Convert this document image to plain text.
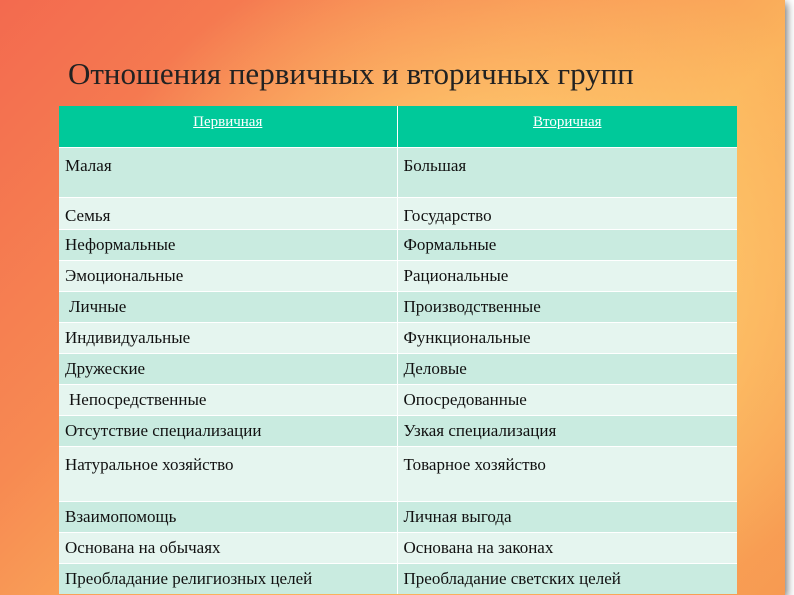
Отношения первичных и вторичных групп
Первичная	Вторичная
Малая	Большая
Семья	Государство
Неформальные	Формальные
Эмоциональные	Рациональные
Личные	Производственные
Индивидуальные	Функциональные
Дружеские	Деловые
Непосредственные	Опосредованные
Отсутствие специализации	Узкая специализация
Натуральное хозяйство	Товарное хозяйство
Взаимопомощь	Личная выгода
Основана на обычаях	Основана на законах
Преобладание религиозных целей	Преобладание светских целей
